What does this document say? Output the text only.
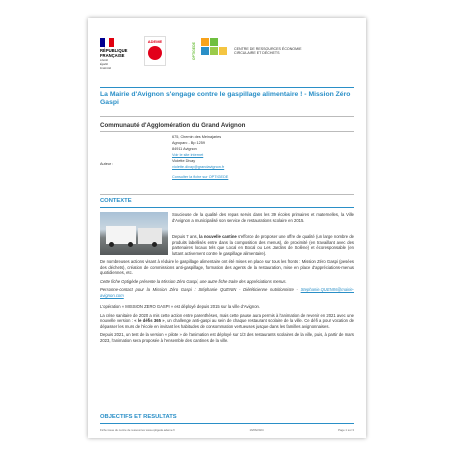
RÉPUBLIQUE
FRANÇAISE
Liberté
Égalité
Fraternité
ADEME
OPTIGEDE	CENTRE DE RESSOURCES ÉCONOMIE
CIRCULAIRE ET DÉCHETS
La Mairie d'Avignon s'engage contre le gaspillage alimentaire ! - Mission Zéro Gaspi
Communauté d'Agglomération du Grand Avignon
Auteur :
675, Chemin des Meinajaries
Agroparc - Bp 1259
84911 Avignon
Voir le site internet
Violette Divay
violette.divay@grandavignon.fr
Consulter la fiche sur OPTIGEDE
CONTEXTE

Soucieuse de la qualité des repas servis dans les 39 écoles primaires et maternelles, la Ville d'Avignon a municipalisé son service de restaurations scolaire en 2015.

Depuis 7 ans, la nouvelle cantine s'efforce de proposer une offre de qualité (un large nombre de produits labellisés entre dans la composition des menus), de proximité (en travaillant avec des partenaires locaux tels que Local en Bocal ou Les Jardins de Solène) et écoresponsable (en luttant activement contre le gaspillage alimentaire).

De nombreuses actions visant à réduire le gaspillage alimentaire ont été mises en place sur tous les fronts : Mission Zéro Gaspi (pesées des déchets), création de commissions anti-gaspillage, formation des agents de la restauration, mise en place d'appréciations-menus quotidiennes, etc.

Cette fiche Optigède présente la Mission Zéro Gaspi, une autre fiche traite des appréciations menus.

Personne-contact pour la Mission Zéro Gaspi : Stéphanie QUENIN - Diététicienne nutritionniste - Stephanie.QUENIN@mairie-avignon.com

L'opération « MISSION ZERO GASPI » est déployé depuis 2015 sur la ville d'Avignon.

La crise sanitaire de 2020 a mis cette action entre parenthèses, mais cette pause aura permis à l'animation de revenir en 2021 avec une nouvelle version : « le défis 365 », un challenge anti-gaspi au sein de chaque restaurant scolaire de la ville. Ce défi a pour vocation de dépasser les murs de l'école en invitant les habitudes de consommation vertueuses jusque dans les familles avignonnaises.

Depuis 2021, un test de la version « pilote » de l'animation est déployé sur 1/3 des restaurants scolaires de la ville, puis, à partir de mars 2023, l'animation sera proposée à l'ensemble des cantines de la ville.

OBJECTIFS ET RESULTATS
Fiche issue du centre de ressources www.optigede.ademe.fr	16/06/2024	Page 1 sur 3
